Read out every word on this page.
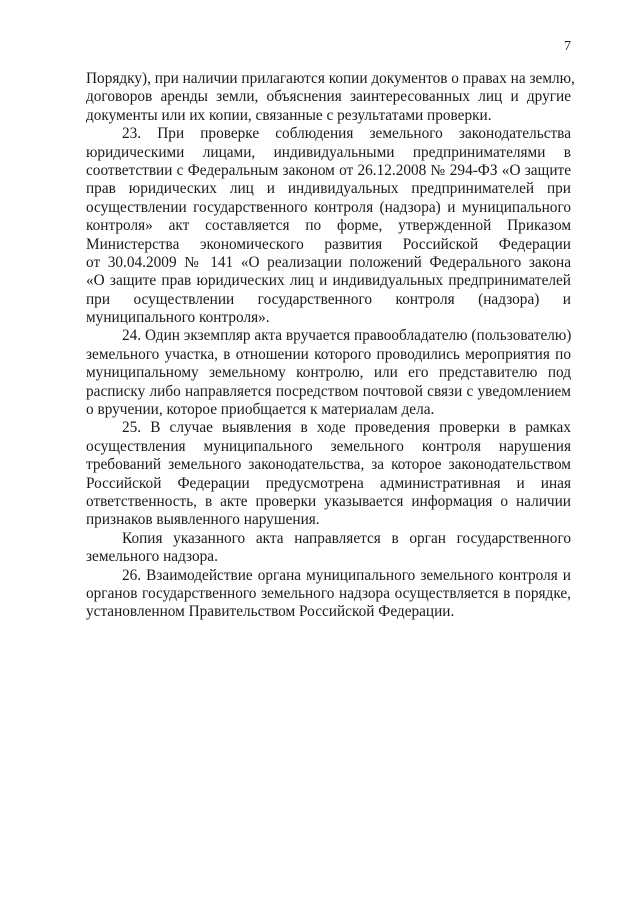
7
Порядку), при наличии прилагаются копии документов о правах на землю,
договоров аренды земли, объяснения заинтересованных лиц и другие
документы или их копии, связанные с результатами проверки.
23. При проверке соблюдения земельного законодательства
юридическими лицами, индивидуальными предпринимателями в
соответствии с Федеральным законом от 26.12.2008 № 294-ФЗ «О защите
прав юридических лиц и индивидуальных предпринимателей при
осуществлении государственного контроля (надзора) и муниципального
контроля» акт составляется по форме, утвержденной Приказом
Министерства экономического развития Российской Федерации
от 30.04.2009 № 141 «О реализации положений Федерального закона
«О защите прав юридических лиц и индивидуальных предпринимателей
при осуществлении государственного контроля (надзора) и
муниципального контроля».
24. Один экземпляр акта вручается правообладателю (пользователю)
земельного участка, в отношении которого проводились мероприятия по
муниципальному земельному контролю, или его представителю под
расписку либо направляется посредством почтовой связи с уведомлением
о вручении, которое приобщается к материалам дела.
25. В случае выявления в ходе проведения проверки в рамках
осуществления муниципального земельного контроля нарушения
требований земельного законодательства, за которое законодательством
Российской Федерации предусмотрена административная и иная
ответственность, в акте проверки указывается информация о наличии
признаков выявленного нарушения.
Копия указанного акта направляется в орган государственного
земельного надзора.
26. Взаимодействие органа муниципального земельного контроля и
органов государственного земельного надзора осуществляется в порядке,
установленном Правительством Российской Федерации.
